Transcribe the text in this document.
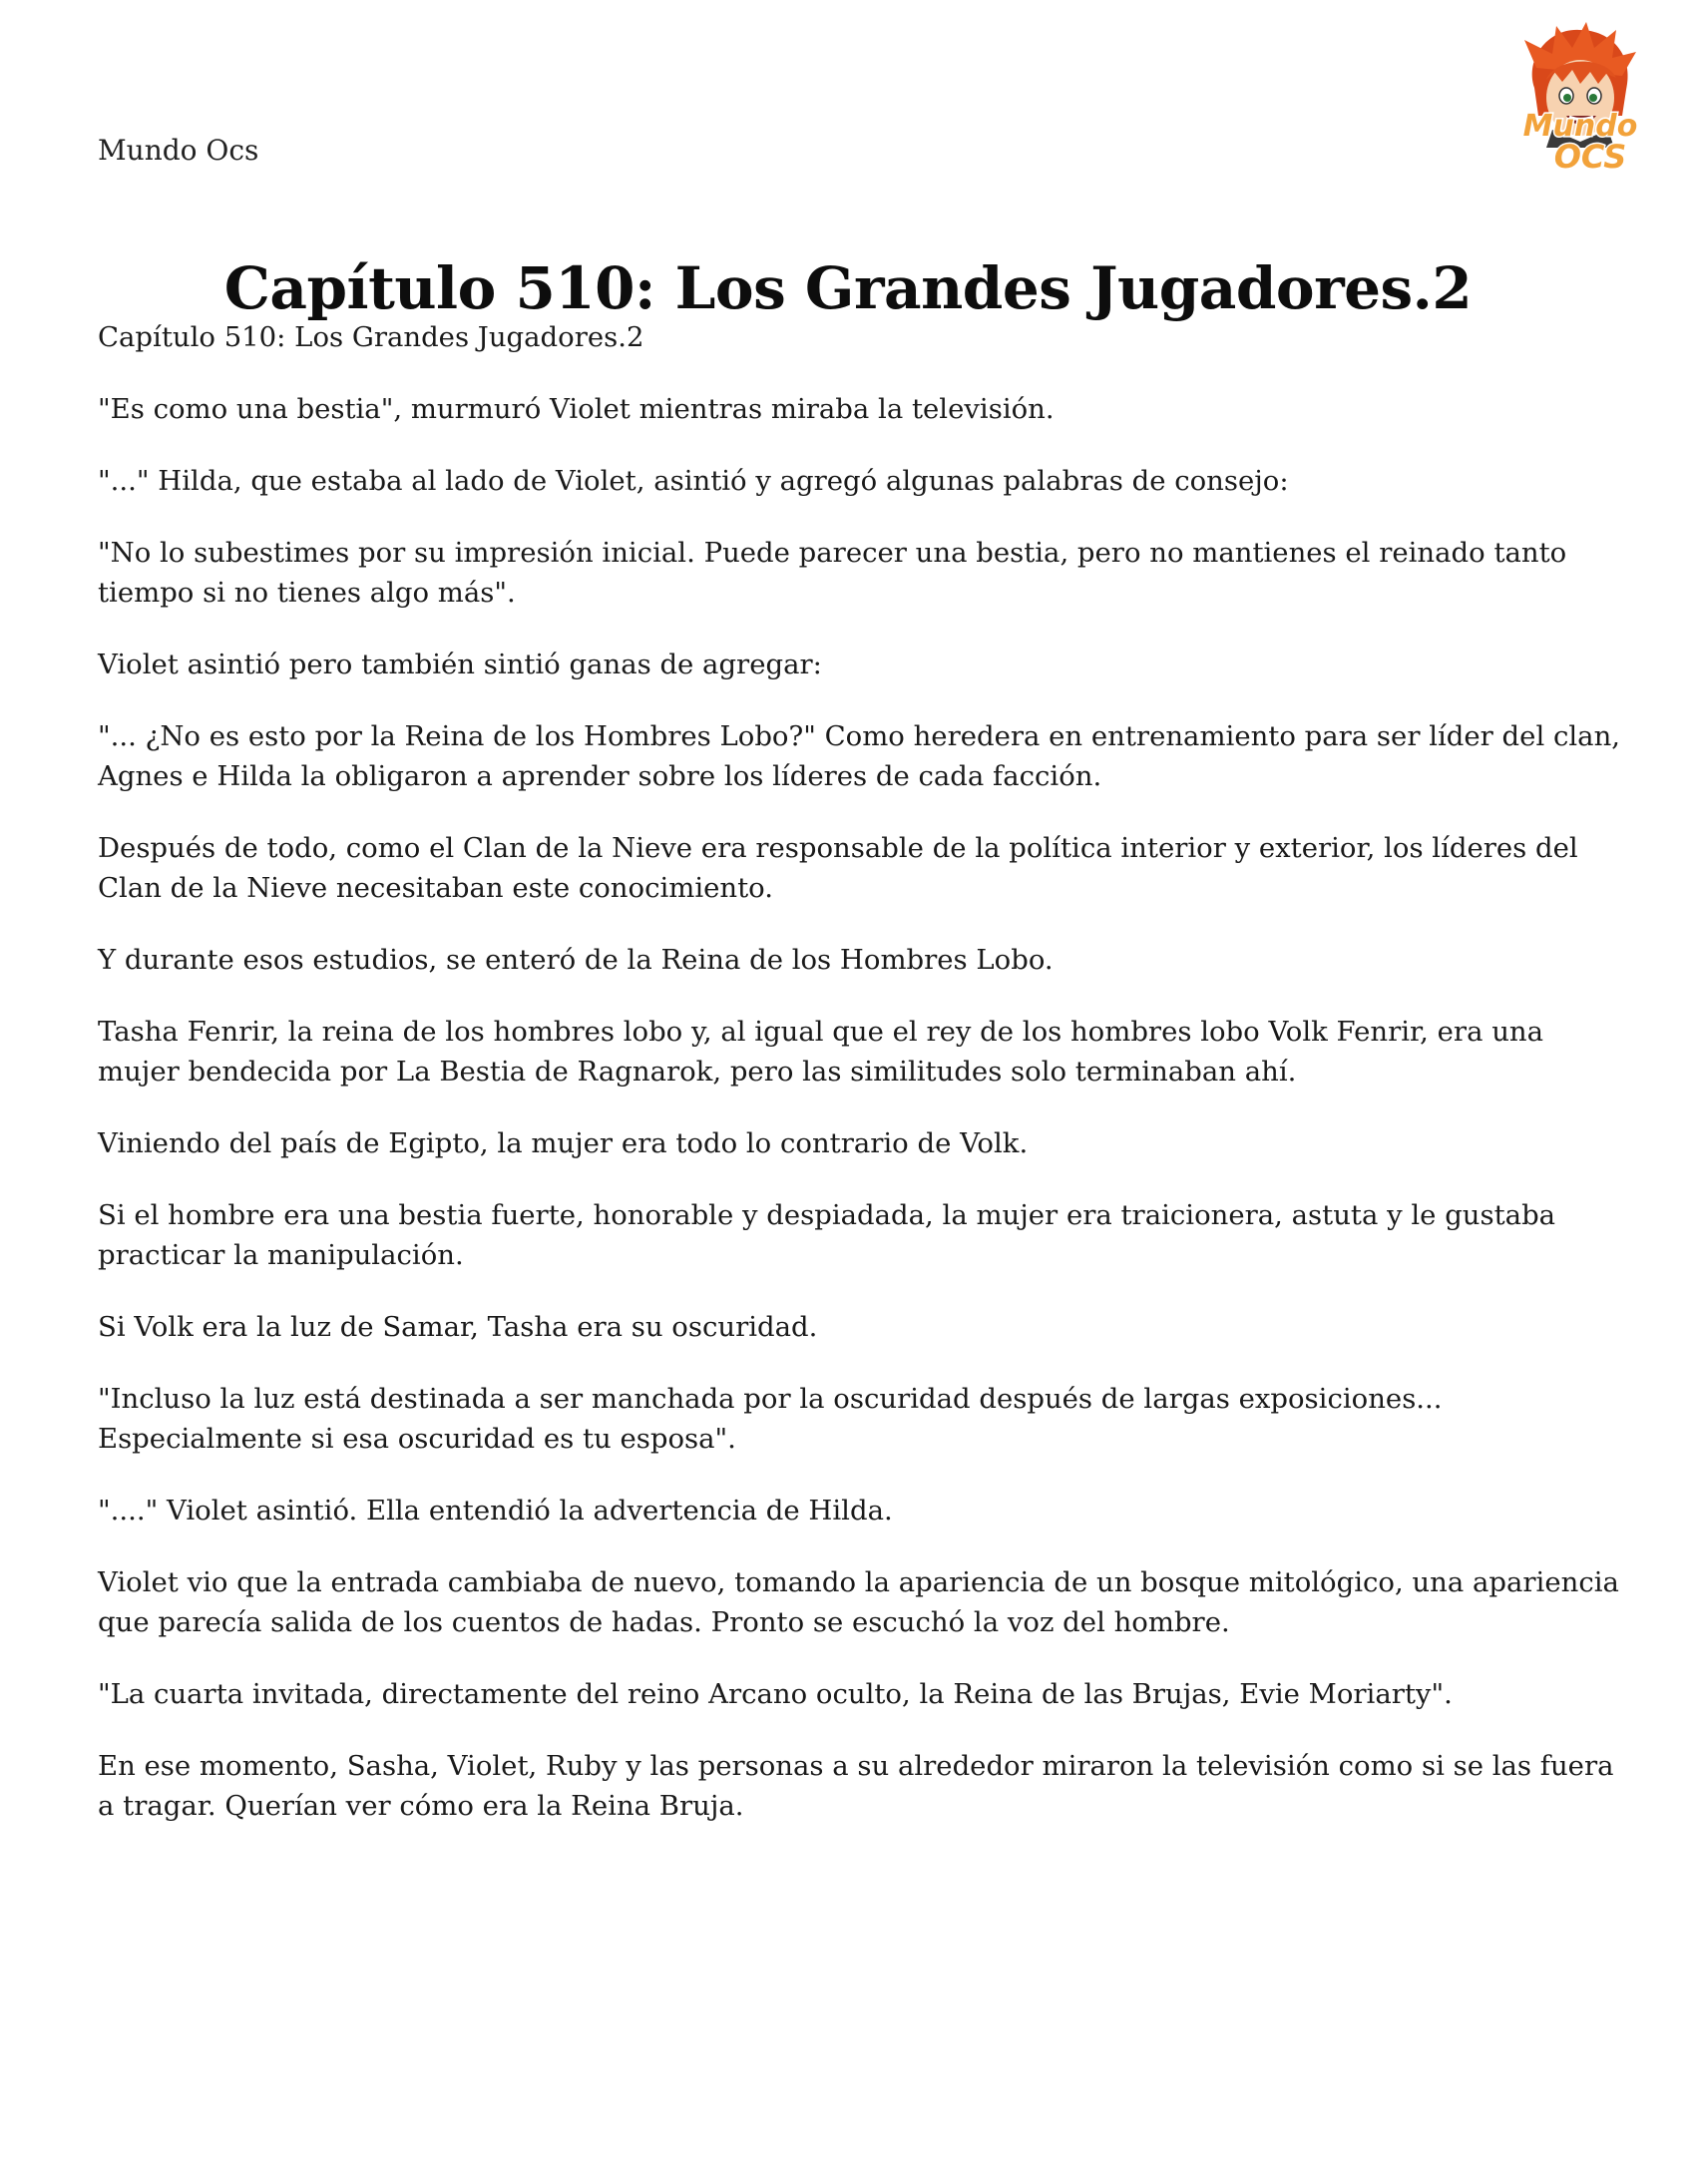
Mundo Ocs
Mundo
OCS
Capítulo 510: Los Grandes Jugadores.2

Capítulo 510: Los Grandes Jugadores.2

"Es como una bestia", murmuró Violet mientras miraba la televisión.

"..." Hilda, que estaba al lado de Violet, asintió y agregó algunas palabras de consejo:

"No lo subestimes por su impresión inicial. Puede parecer una bestia, pero no mantienes el reinado tanto tiempo si no tienes algo más".

Violet asintió pero también sintió ganas de agregar:

"... ¿No es esto por la Reina de los Hombres Lobo?" Como heredera en entrenamiento para ser líder del clan, Agnes e Hilda la obligaron a aprender sobre los líderes de cada facción.

Después de todo, como el Clan de la Nieve era responsable de la política interior y exterior, los líderes del Clan de la Nieve necesitaban este conocimiento.

Y durante esos estudios, se enteró de la Reina de los Hombres Lobo.

Tasha Fenrir, la reina de los hombres lobo y, al igual que el rey de los hombres lobo Volk Fenrir, era una mujer bendecida por La Bestia de Ragnarok, pero las similitudes solo terminaban ahí.

Viniendo del país de Egipto, la mujer era todo lo contrario de Volk.

Si el hombre era una bestia fuerte, honorable y despiadada, la mujer era traicionera, astuta y le gustaba practicar la manipulación.

Si Volk era la luz de Samar, Tasha era su oscuridad.

"Incluso la luz está destinada a ser manchada por la oscuridad después de largas exposiciones... Especialmente si esa oscuridad es tu esposa".

"...." Violet asintió. Ella entendió la advertencia de Hilda.

Violet vio que la entrada cambiaba de nuevo, tomando la apariencia de un bosque mitológico, una apariencia que parecía salida de los cuentos de hadas. Pronto se escuchó la voz del hombre.

"La cuarta invitada, directamente del reino Arcano oculto, la Reina de las Brujas, Evie Moriarty".

En ese momento, Sasha, Violet, Ruby y las personas a su alrededor miraron la televisión como si se las fuera a tragar. Querían ver cómo era la Reina Bruja.
